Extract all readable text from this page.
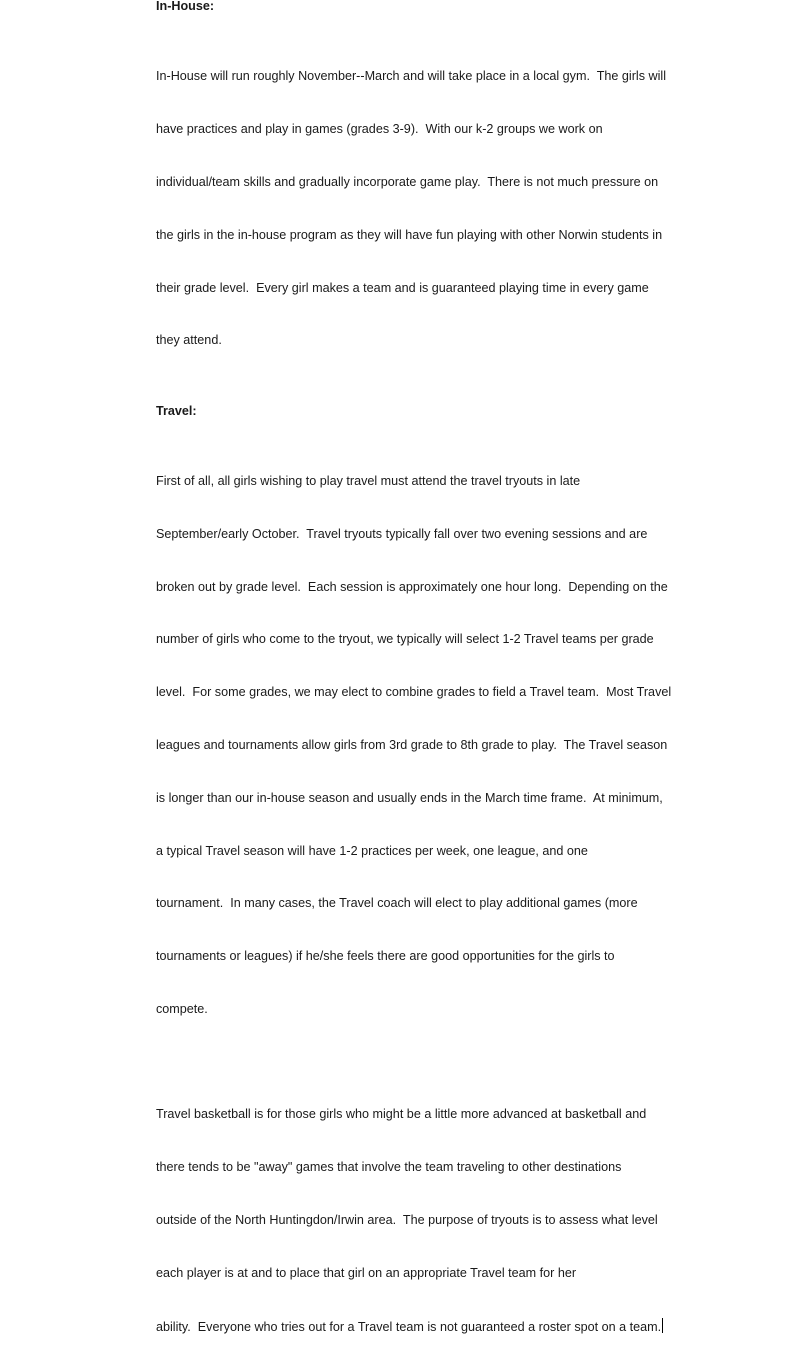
In-House:

In-House will run roughly November--March and will take place in a local gym.  The girls will

have practices and play in games (grades 3-9).  With our k-2 groups we work on

individual/team skills and gradually incorporate game play.  There is not much pressure on

the girls in the in-house program as they will have fun playing with other Norwin students in

their grade level.  Every girl makes a team and is guaranteed playing time in every game

they attend.

Travel:

First of all, all girls wishing to play travel must attend the travel tryouts in late

September/early October.  Travel tryouts typically fall over two evening sessions and are

broken out by grade level.  Each session is approximately one hour long.  Depending on the

number of girls who come to the tryout, we typically will select 1-2 Travel teams per grade

level.  For some grades, we may elect to combine grades to field a Travel team.  Most Travel

leagues and tournaments allow girls from 3rd grade to 8th grade to play.  The Travel season

is longer than our in-house season and usually ends in the March time frame.  At minimum,

a typical Travel season will have 1-2 practices per week, one league, and one

tournament.  In many cases, the Travel coach will elect to play additional games (more

tournaments or leagues) if he/she feels there are good opportunities for the girls to

compete.

Travel basketball is for those girls who might be a little more advanced at basketball and

there tends to be "away" games that involve the team traveling to other destinations

outside of the North Huntingdon/Irwin area.  The purpose of tryouts is to assess what level

each player is at and to place that girl on an appropriate Travel team for her

ability.  Everyone who tries out for a Travel team is not guaranteed a roster spot on a team.
